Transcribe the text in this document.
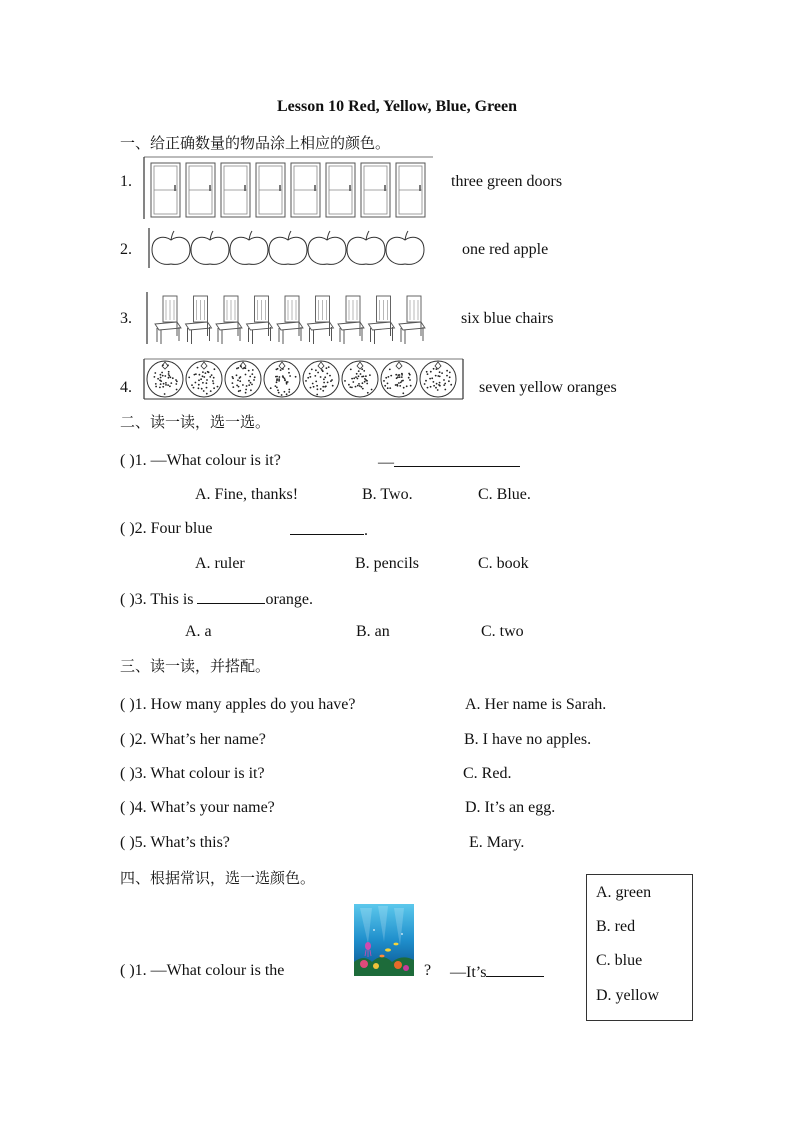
Lesson 10 Red, Yellow, Blue, Green
一、给正确数量的物品涂上相应的颜色。
1.	three green doors
2.	one red apple
3.	six blue chairs
4.	seven yellow oranges
二、读一读，选一选。
( )1. —What colour is it?	—
A. Fine, thanks!	B. Two.	C. Blue.
( )2. Four blue	.
A. ruler	B. pencils	C. book
( )3. This is	orange.
A. a	B. an	C. two
三、读一读，并搭配。
( )1. How many apples do you have?	A. Her name is Sarah.
( )2. What’s her name?	B. I have no apples.
( )3. What colour is it?	C. Red.
( )4. What’s your name?	D. It’s an egg.
( )5. What’s this?	E. Mary.
四、根据常识，选一选颜色。
A. green
B. red
C. blue
D. yellow
( )1. —What colour is the	? —It’s
